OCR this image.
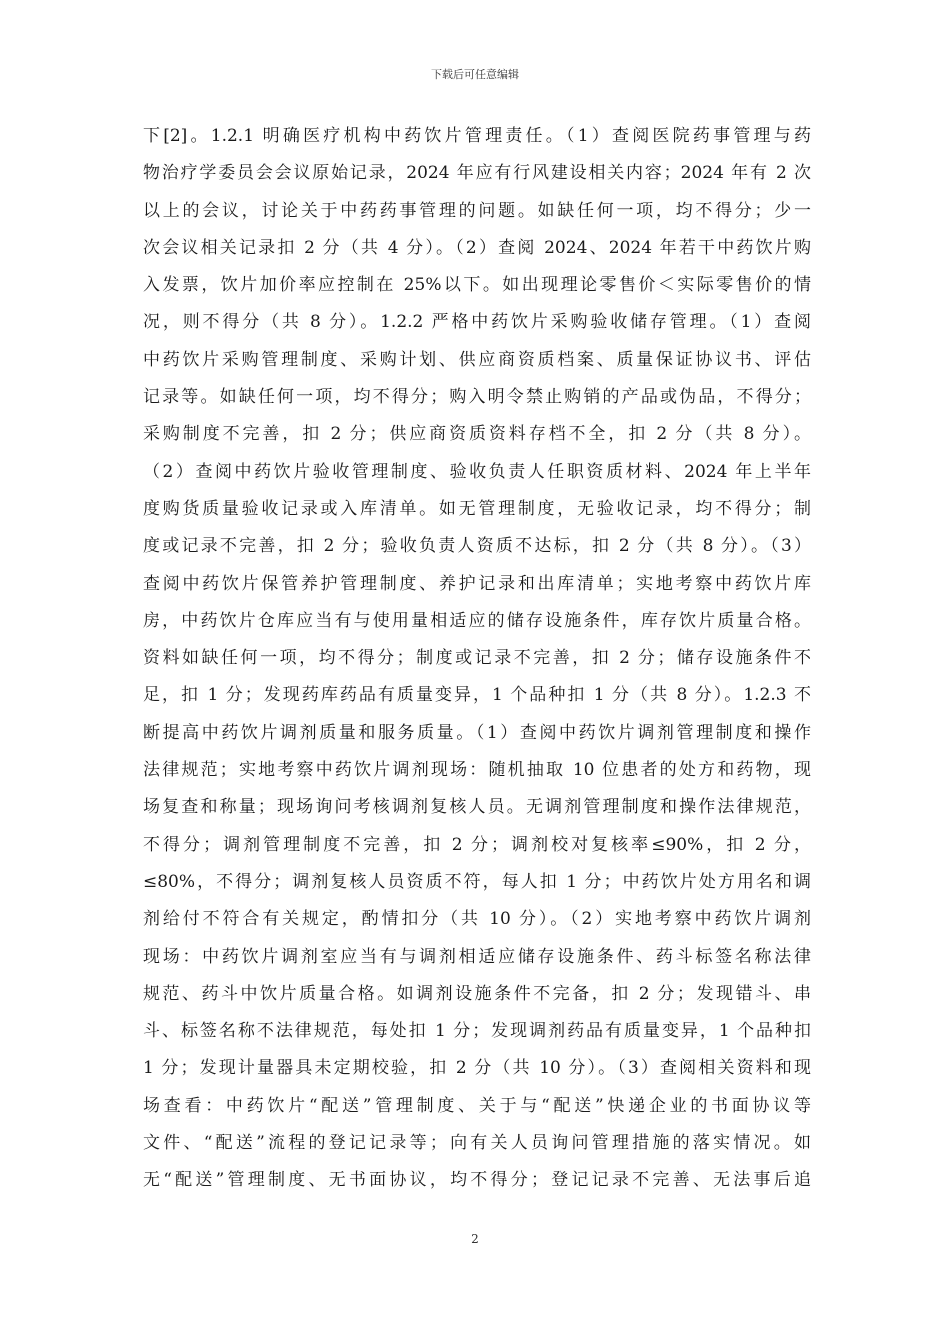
下载后可任意编辑
下[2]。1.2.1 明确医疗机构中药饮片管理责任。（1）查阅医院药事管理与药
物治疗学委员会会议原始记录，2024 年应有行风建设相关内容；2024 年有 2 次
以上的会议，讨论关于中药药事管理的问题。如缺任何一项，均不得分；少一
次会议相关记录扣 2 分（共 4 分）。（2）查阅 2024、2024 年若干中药饮片购
入发票，饮片加价率应控制在 25%以下。如出现理论零售价＜实际零售价的情
况，则不得分（共 8 分）。1.2.2 严格中药饮片采购验收储存管理。（1）查阅
中药饮片采购管理制度、采购计划、供应商资质档案、质量保证协议书、评估
记录等。如缺任何一项，均不得分；购入明令禁止购销的产品或伪品，不得分；
采购制度不完善，扣 2 分；供应商资质资料存档不全，扣 2 分（共 8 分）。
（2）查阅中药饮片验收管理制度、验收负责人任职资质材料、2024 年上半年
度购货质量验收记录或入库清单。如无管理制度，无验收记录，均不得分；制
度或记录不完善，扣 2 分；验收负责人资质不达标，扣 2 分（共 8 分）。（3）
查阅中药饮片保管养护管理制度、养护记录和出库清单；实地考察中药饮片库
房，中药饮片仓库应当有与使用量相适应的储存设施条件，库存饮片质量合格。
资料如缺任何一项，均不得分；制度或记录不完善，扣 2 分；储存设施条件不
足，扣 1 分；发现药库药品有质量变异，1 个品种扣 1 分（共 8 分）。1.2.3 不
断提高中药饮片调剂质量和服务质量。（1）查阅中药饮片调剂管理制度和操作
法律规范；实地考察中药饮片调剂现场：随机抽取 10 位患者的处方和药物，现
场复查和称量；现场询问考核调剂复核人员。无调剂管理制度和操作法律规范，
不得分；调剂管理制度不完善，扣 2 分；调剂校对复核率≤90%，扣 2 分，
≤80%，不得分；调剂复核人员资质不符，每人扣 1 分；中药饮片处方用名和调
剂给付不符合有关规定，酌情扣分（共 10 分）。（2）实地考察中药饮片调剂
现场：中药饮片调剂室应当有与调剂相适应储存设施条件、药斗标签名称法律
规范、药斗中饮片质量合格。如调剂设施条件不完备，扣 2 分；发现错斗、串
斗、标签名称不法律规范，每处扣 1 分；发现调剂药品有质量变异，1 个品种扣
1 分；发现计量器具未定期校验，扣 2 分（共 10 分）。（3）查阅相关资料和现
场查看：中药饮片“配送”管理制度、关于与“配送”快递企业的书面协议等
文件、“配送”流程的登记记录等；向有关人员询问管理措施的落实情况。如
无“配送”管理制度、无书面协议，均不得分；登记记录不完善、无法事后追
2
